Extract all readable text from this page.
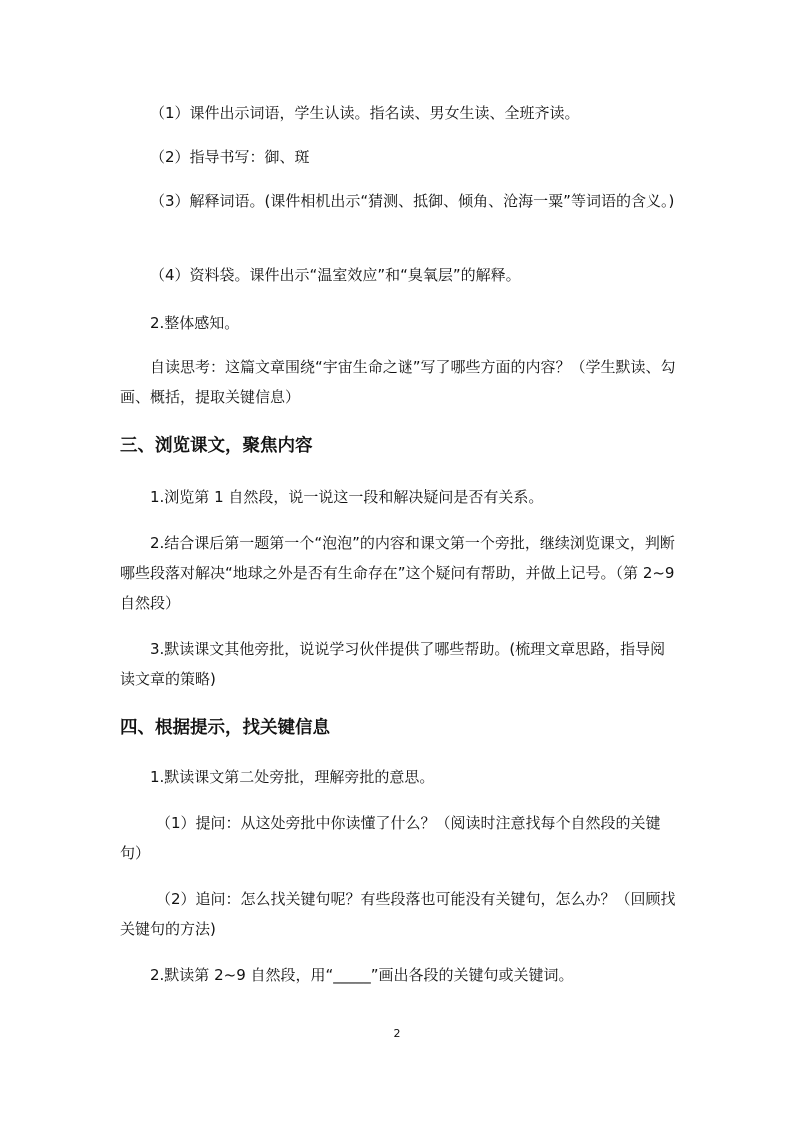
（1）课件出示词语，学生认读。指名读、男女生读、全班齐读。

（2）指导书写：御、斑

（3）解释词语。(课件相机出示“猜测、抵御、倾角、沧海一粟”等词语的含义。)

（4）资料袋。课件出示“温室效应”和“臭氧层”的解释。

2.整体感知。

自读思考：这篇文章围绕“宇宙生命之谜”写了哪些方面的内容？（学生默读、勾画、概括，提取关键信息）

三、浏览课文，聚焦内容

1.浏览第 1 自然段，说一说这一段和解决疑问是否有关系。

2.结合课后第一题第一个“泡泡”的内容和课文第一个旁批，继续浏览课文，判断哪些段落对解决“地球之外是否有生命存在”这个疑问有帮助，并做上记号。（第 2~9 自然段）

3.默读课文其他旁批，说说学习伙伴提供了哪些帮助。(梳理文章思路，指导阅读文章的策略)

四、根据提示，找关键信息

1.默读课文第二处旁批，理解旁批的意思。

（1）提问：从这处旁批中你读懂了什么？（阅读时注意找每个自然段的关键句）

（2）追问：怎么找关键句呢？有些段落也可能没有关键句，怎么办？（回顾找关键句的方法)

2.默读第 2~9 自然段，用“_____”画出各段的关键句或关键词。

2
